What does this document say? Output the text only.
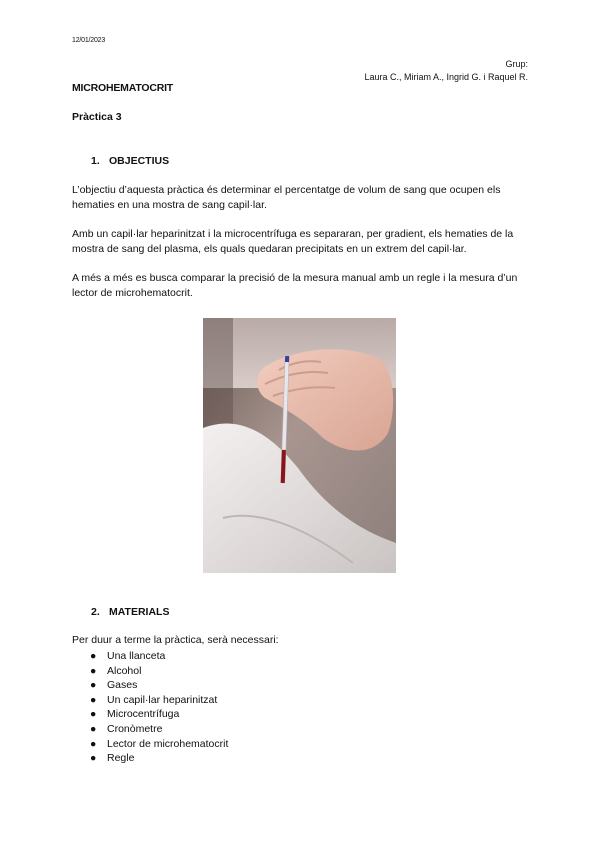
12/01/2023
Grup:
Laura C., Miriam A., Ingrid G. i Raquel R.
MICROHEMATOCRIT
Pràctica 3
1. OBJECTIUS
L’objectiu d’aquesta pràctica és determinar el percentatge de volum de sang que ocupen els hematies en una mostra de sang capil·lar.
Amb un capil·lar heparinitzat i la microcentrífuga es separaran, per gradient, els hematies de la mostra de sang del plasma, els quals quedaran precipitats en un extrem del capil·lar.
A més a més es busca comparar la precisió de la mesura manual amb un regle i la mesura d’un lector de microhematocrit.
2. MATERIALS
Per duur a terme la pràctica, serà necessari:
● Una llanceta
● Alcohol
● Gases
● Un capil·lar heparinitzat
● Microcentrífuga
● Cronòmetre
● Lector de microhematocrit
● Regle
